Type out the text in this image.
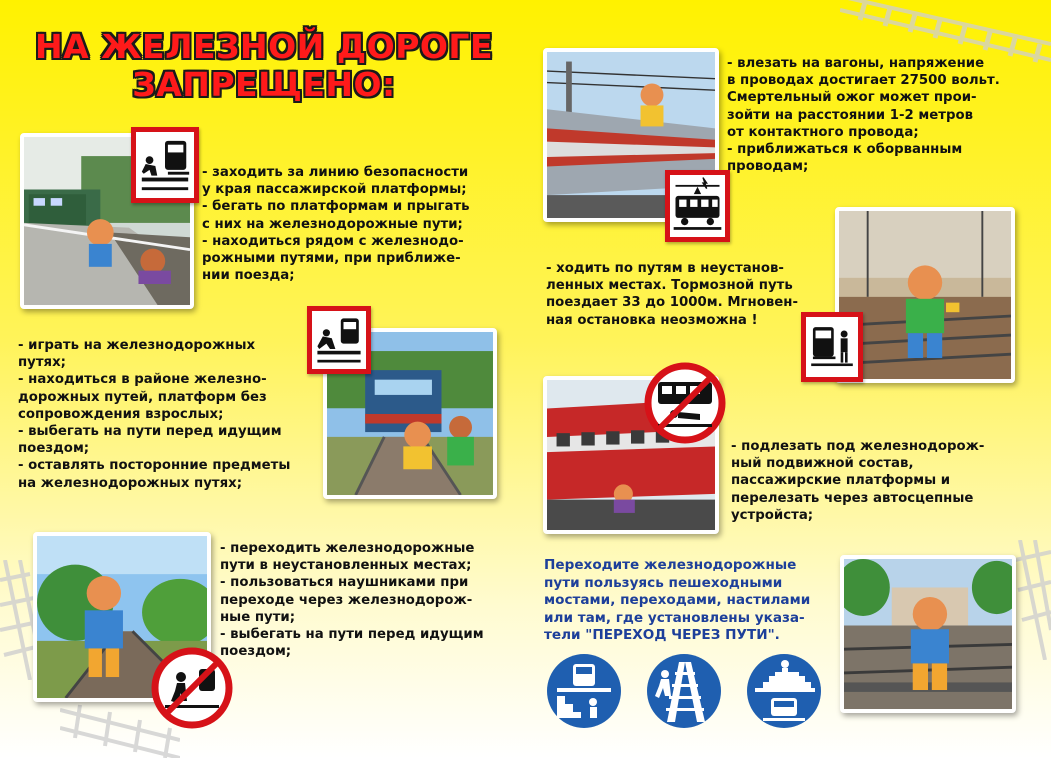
НА ЖЕЛЕЗНОЙ ДОРОГЕ
ЗАПРЕЩЕНО:
- заходить за линию безопасности
у края пассажирской платформы;
- бегать по платформам и прыгать
с них на железнодорожные пути;
- находиться рядом с железнодо-
рожными путями, при приближе-
нии поезда;
- играть на железнодорожных
путях;
- находиться в районе железно-
дорожных путей, платформ без
сопровождения взрослых;
- выбегать на пути перед идущим
поездом;
- оставлять посторонние предметы
на железнодорожных путях;
- переходить железнодорожные
пути в неустановленных местах;
- пользоваться наушниками при
переходе через железнодорож-
ные пути;
- выбегать на пути перед идущим
поездом;
- влезать на вагоны, напряжение
в проводах достигает 27500 вольт.
Смертельный ожог может прои-
зойти на расстоянии 1-2 метров
от контактного провода;
- приближаться к оборванным
проводам;
- ходить по путям в неустанов-
ленных местах. Тормозной путь
поездает 33 до 1000м. Мгновен-
ная остановка неозможна !
- подлезать под железнодорож-
ный подвижной состав,
пассажирские платформы и
перелезать через автосцепные
устройста;
Переходите железнодорожные
пути пользуясь пешеходными
мостами, переходами, настилами
или там, где установлены указа-
тели "ПЕРЕХОД ЧЕРЕЗ ПУТИ".
